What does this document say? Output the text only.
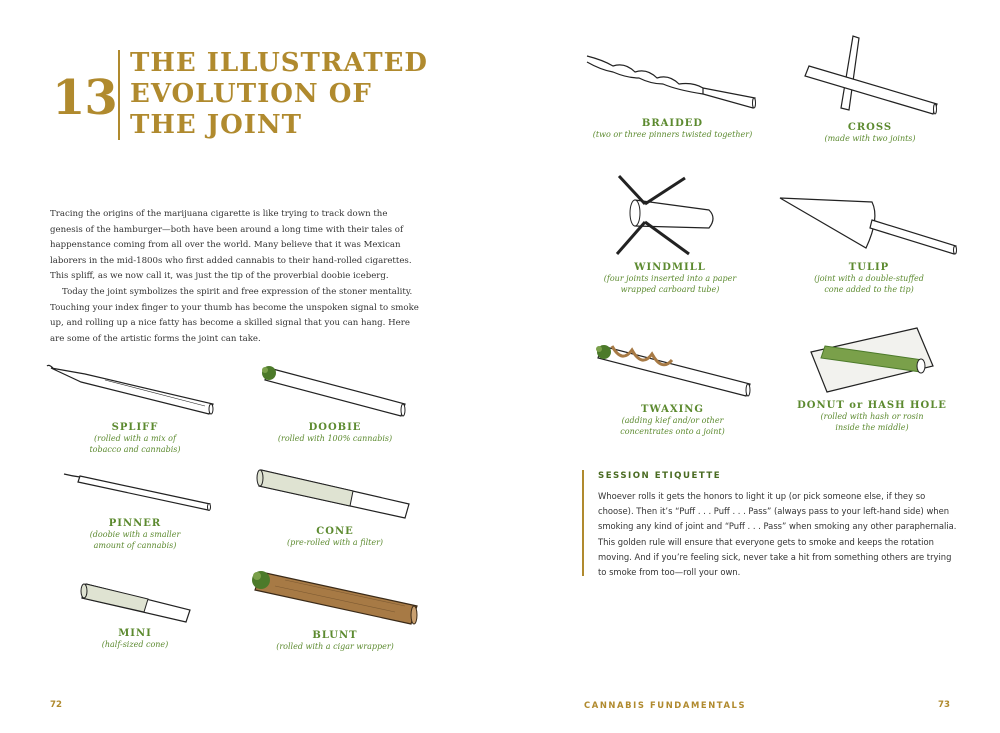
13
THE ILLUSTRATED
EVOLUTION OF
THE JOINT

Tracing the origins of the marijuana cigarette is like trying to track down the genesis of the hamburger—both have been around a long time with their tales of happenstance coming from all over the world. Many believe that it was Mexican laborers in the mid-1800s who first added cannabis to their hand-rolled cigarettes. This spliff, as we now call it, was just the tip of the proverbial doobie iceberg.

Today the joint symbolizes the spirit and free expression of the stoner mentality. Touching your index finger to your thumb has become the unspoken signal to smoke up, and rolling up a nice fatty has become a skilled signal that you can hang. Here are some of the artistic forms the joint can take.

SPLIFF
(rolled with a mix of
tobacco and cannabis)
DOOBIE
(rolled with 100% cannabis)
PINNER
(doobie with a smaller
amount of cannabis)
CONE
(pre-rolled with a filter)
MINI
(half-sized cone)
BLUNT
(rolled with a cigar wrapper)
BRAIDED
(two or three pinners twisted together)
CROSS
(made with two joints)
WINDMILL
(four joints inserted into a paper
wrapped carboard tube)
TULIP
(joint with a double-stuffed
cone added to the tip)
TWAXING
(adding kief and/or other
concentrates onto a joint)
DONUT or HASH HOLE
(rolled with hash or rosin
inside the middle)
SESSION ETIQUETTE
Whoever rolls it gets the honors to light it up (or pick someone else, if they so choose). Then it’s “Puff . . . Puff . . . Pass” (always pass to your left-hand side) when smoking any kind of joint and “Puff . . . Pass” when smoking any other paraphernalia. This golden rule will ensure that everyone gets to smoke and keeps the rotation moving. And if you’re feeling sick, never take a hit from something others are trying to smoke from too—roll your own.
72	CANNABIS FUNDAMENTALS	73
